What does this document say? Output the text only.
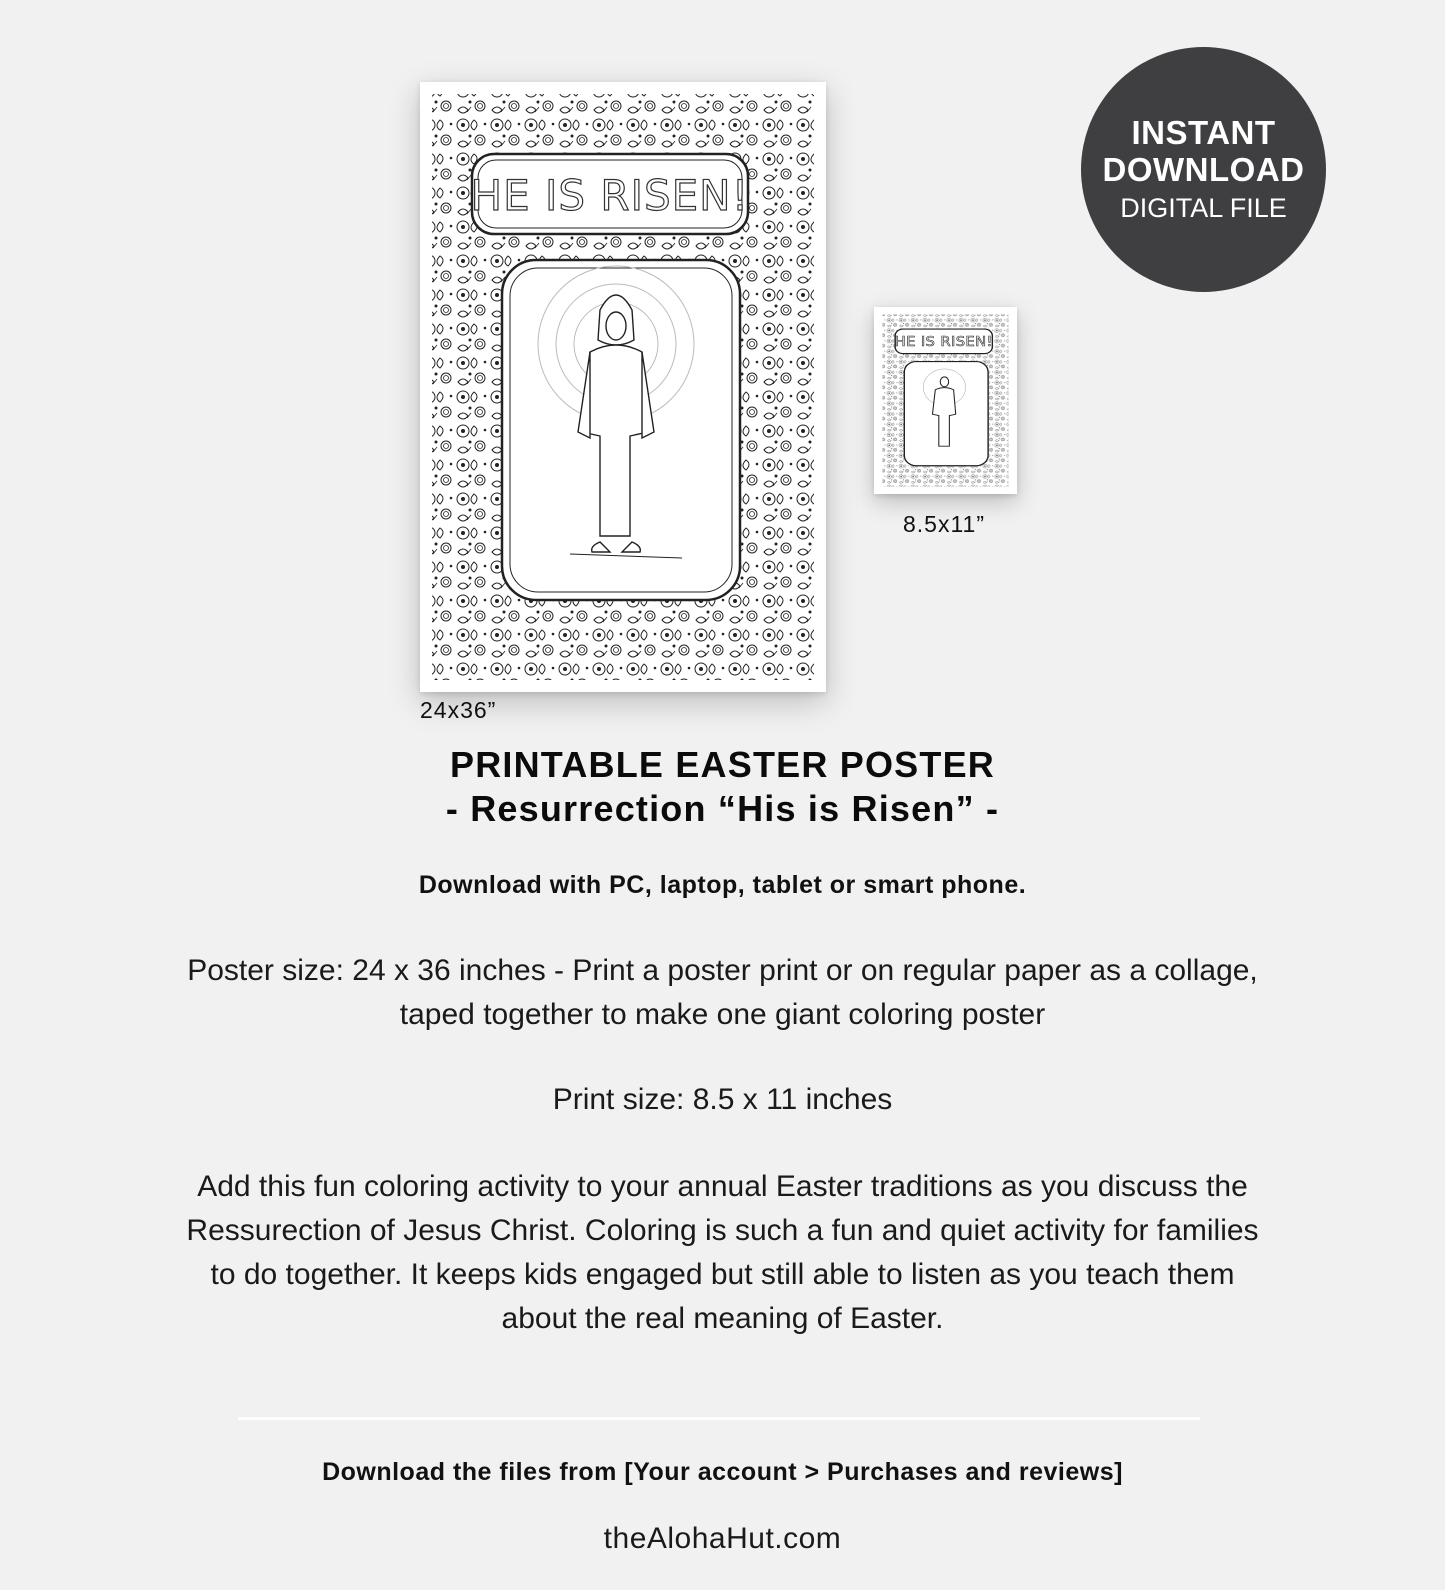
HE IS RISEN!
24x36”
HE IS RISEN!
8.5x11”
INSTANT
DOWNLOAD
DIGITAL FILE
PRINTABLE EASTER POSTER
- Resurrection “His is Risen” -
Download with PC, laptop, tablet or smart phone.
Poster size: 24 x 36 inches - Print a poster print or on regular paper as a collage, taped together to make one giant coloring poster
Print size: 8.5 x 11 inches
Add this fun coloring activity to your annual Easter traditions as you discuss the Ressurection of Jesus Christ. Coloring is such a fun and quiet activity for families to do together. It keeps kids engaged but still able to listen as you teach them about the real meaning of Easter.
Download the files from [Your account > Purchases and reviews]
theAlohaHut.com
